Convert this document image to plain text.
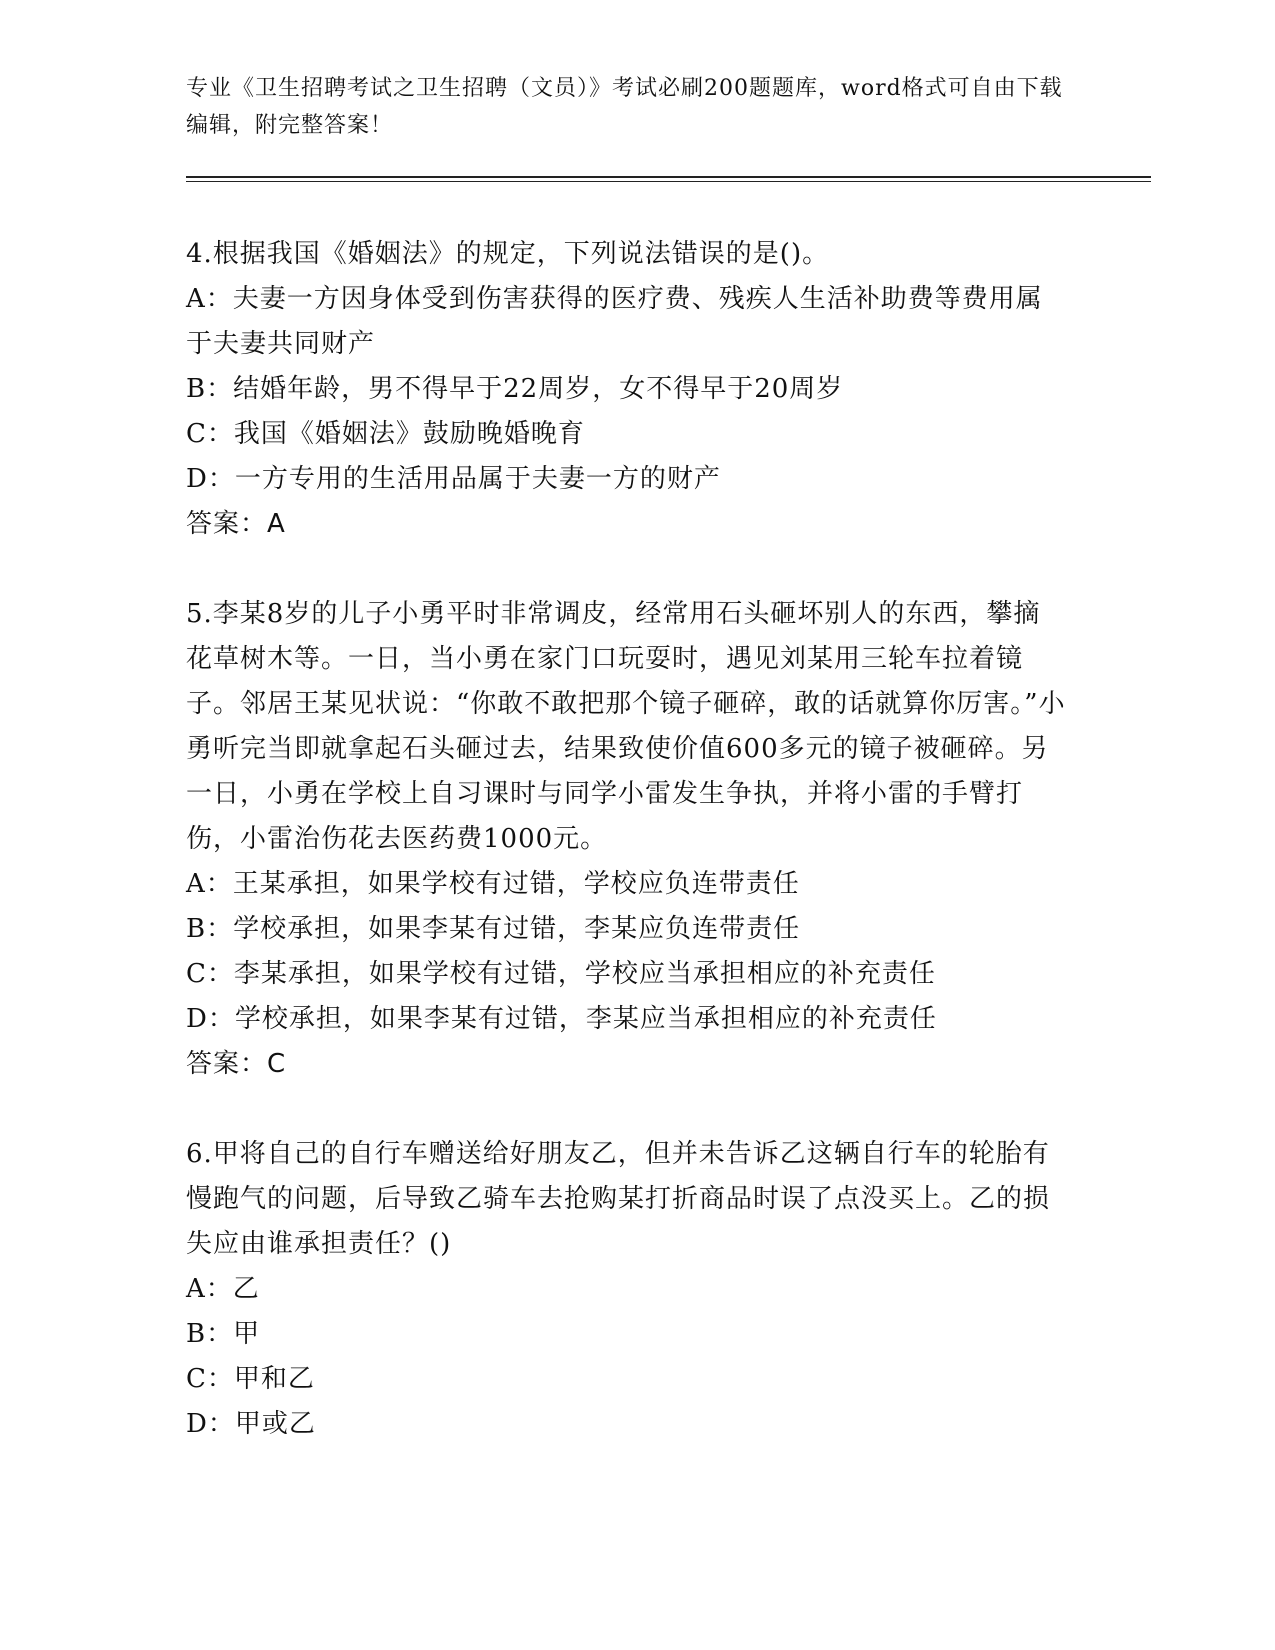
专业《卫生招聘考试之卫生招聘（文员）》考试必刷200题题库，word格式可自由下载编辑，附完整答案！

4.根据我国《婚姻法》的规定，下列说法错误的是()。

A：夫妻一方因身体受到伤害获得的医疗费、残疾人生活补助费等费用属于夫妻共同财产

B：结婚年龄，男不得早于22周岁，女不得早于20周岁

C：我国《婚姻法》鼓励晚婚晚育

D：一方专用的生活用品属于夫妻一方的财产

答案：A

5.李某8岁的儿子小勇平时非常调皮，经常用石头砸坏别人的东西，攀摘花草树木等。一日，当小勇在家门口玩耍时，遇见刘某用三轮车拉着镜子。邻居王某见状说：“你敢不敢把那个镜子砸碎，敢的话就算你厉害。”小勇听完当即就拿起石头砸过去，结果致使价值600多元的镜子被砸碎。另一日，小勇在学校上自习课时与同学小雷发生争执，并将小雷的手臂打伤，小雷治伤花去医药费1000元。

A：王某承担，如果学校有过错，学校应负连带责任

B：学校承担，如果李某有过错，李某应负连带责任

C：李某承担，如果学校有过错，学校应当承担相应的补充责任

D：学校承担，如果李某有过错，李某应当承担相应的补充责任

答案：C

6.甲将自己的自行车赠送给好朋友乙，但并未告诉乙这辆自行车的轮胎有慢跑气的问题，后导致乙骑车去抢购某打折商品时误了点没买上。乙的损失应由谁承担责任？()

A：乙

B：甲

C：甲和乙

D：甲或乙
